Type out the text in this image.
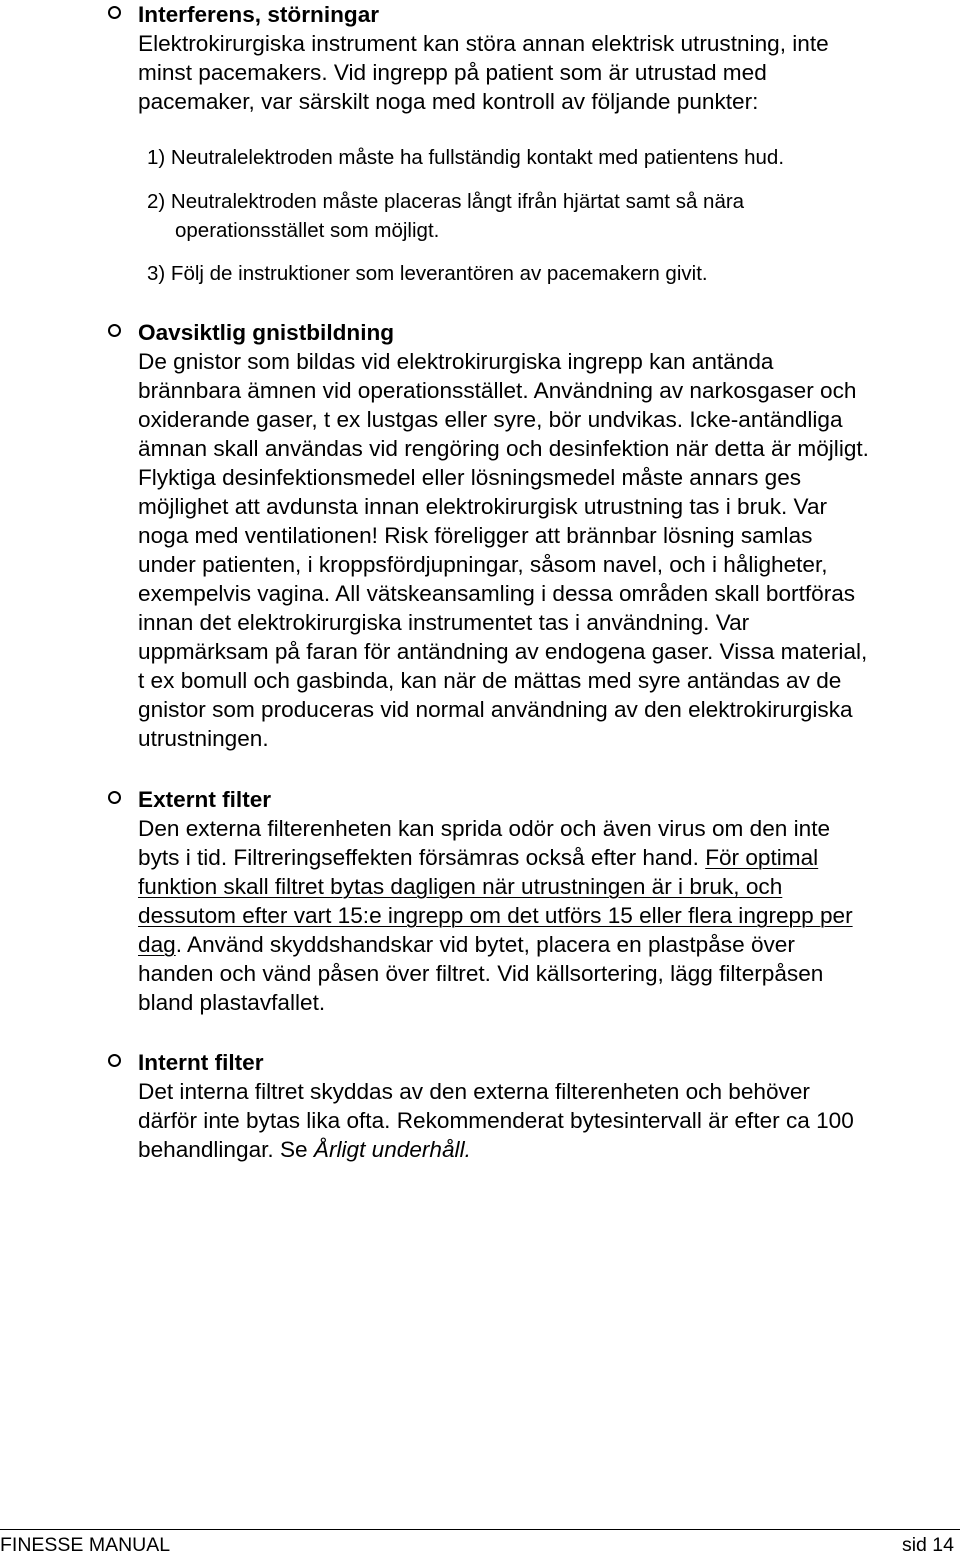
Interferens, störningar
Elektrokirurgiska instrument kan störa annan elektrisk utrustning, inte
minst pacemakers. Vid ingrepp på patient som är utrustad med
pacemaker, var särskilt noga med kontroll av följande punkter:
1) Neutralelektroden måste ha fullständig kontakt med patientens hud.
2) Neutralektroden måste placeras långt ifrån hjärtat samt så nära
operationsstället som möjligt.
3) Följ de instruktioner som leverantören av pacemakern givit.
Oavsiktlig gnistbildning
De gnistor som bildas vid elektrokirurgiska ingrepp kan antända
brännbara ämnen vid operationsstället. Användning av narkosgaser och
oxiderande gaser, t ex lustgas eller syre, bör undvikas. Icke-antändliga
ämnan skall användas vid rengöring och desinfektion när detta är möjligt.
Flyktiga desinfektionsmedel eller lösningsmedel måste annars ges
möjlighet att avdunsta innan elektrokirurgisk utrustning tas i bruk. Var
noga med ventilationen! Risk föreligger att brännbar lösning samlas
under patienten, i kroppsfördjupningar, såsom navel, och i håligheter,
exempelvis vagina. All vätskeansamling i dessa områden skall bortföras
innan det elektrokirurgiska instrumentet tas i användning. Var
uppmärksam på faran för antändning av endogena gaser. Vissa material,
t ex bomull och gasbinda, kan när de mättas med syre antändas av de
gnistor som produceras vid normal användning av den elektrokirurgiska
utrustningen.
Externt filter
Den externa filterenheten kan sprida odör och även virus om den inte
byts i tid. Filtreringseffekten försämras också efter hand. För optimal
funktion skall filtret bytas dagligen när utrustningen är i bruk, och
dessutom efter vart 15:e ingrepp om det utförs 15 eller flera ingrepp per
dag. Använd skyddshandskar vid bytet, placera en plastpåse över
handen och vänd påsen över filtret. Vid källsortering, lägg filterpåsen
bland plastavfallet.
Internt filter
Det interna filtret skyddas av den externa filterenheten och behöver
därför inte bytas lika ofta. Rekommenderat bytesintervall är efter ca 100
behandlingar. Se Årligt underhåll.
FINESSE MANUAL	sid 14
